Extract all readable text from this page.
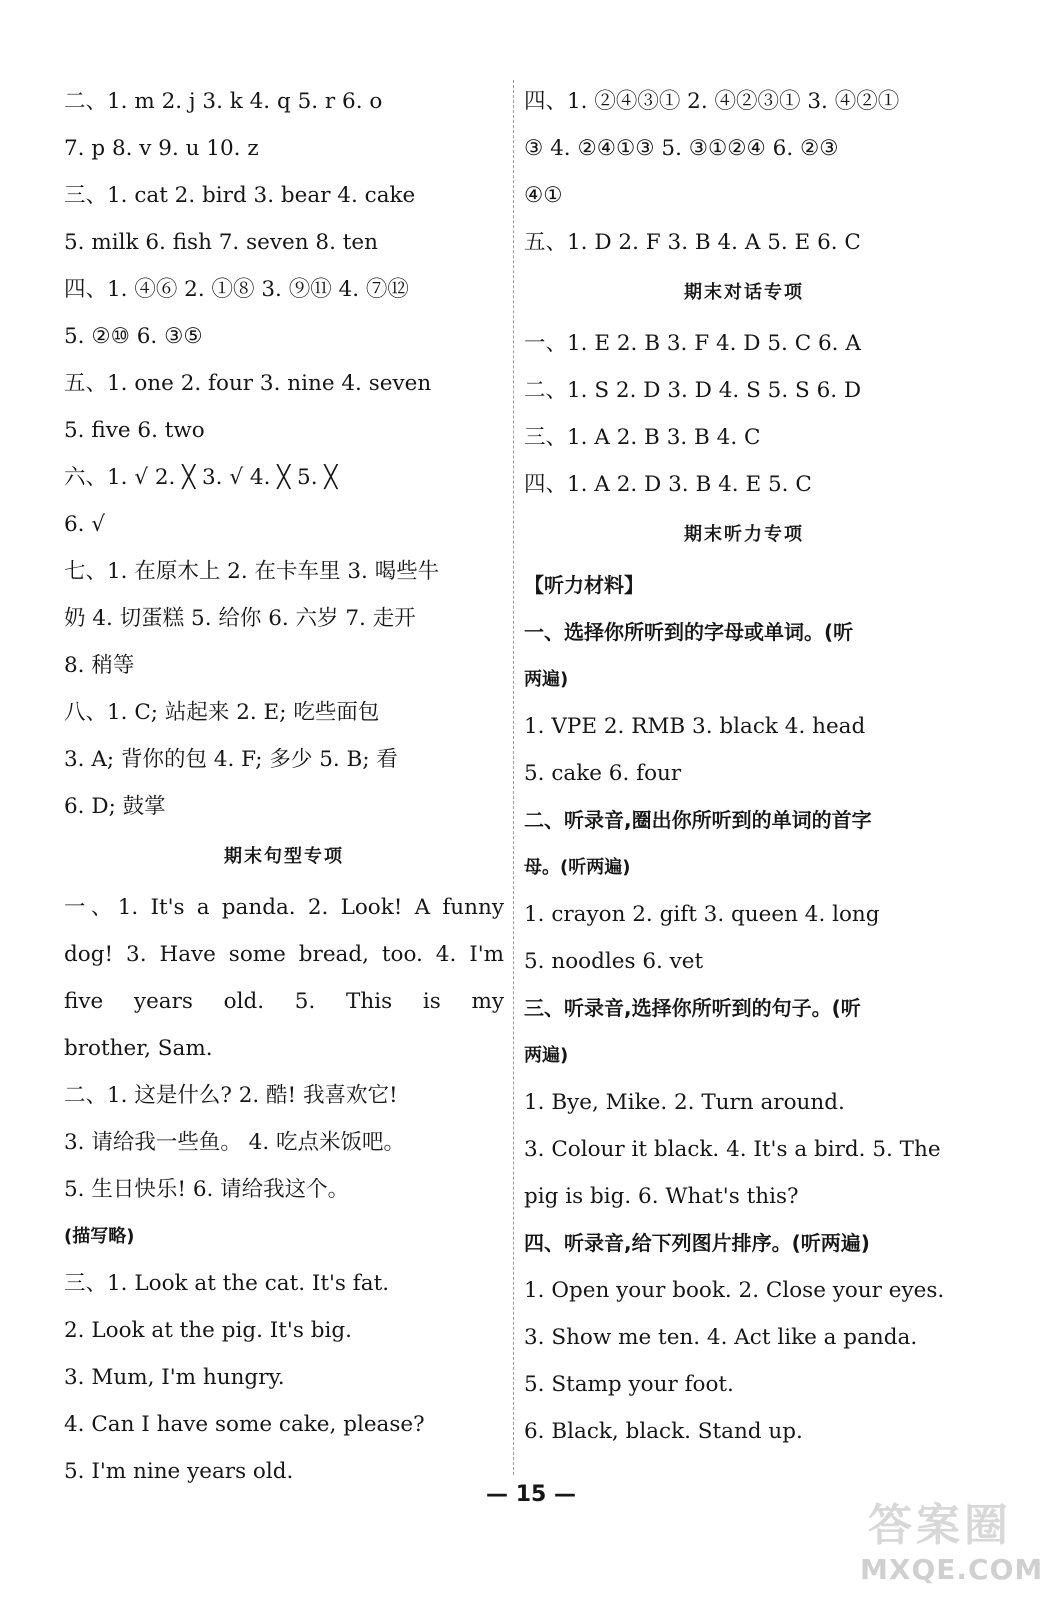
二、1. m 2. j 3. k 4. q 5. r 6. o
7. p 8. v 9. u 10. z
三、1. cat 2. bird 3. bear 4. cake
5. milk 6. fish 7. seven 8. ten
四、1. ④⑥ 2. ①⑧ 3. ⑨⑪ 4. ⑦⑫
5. ②⑩ 6. ③⑤
五、1. one 2. four 3. nine 4. seven
5. five 6. two
六、1. √ 2. ╳ 3. √ 4. ╳ 5. ╳
6. √
七、1. 在原木上 2. 在卡车里 3. 喝些牛
奶 4. 切蛋糕 5. 给你 6. 六岁 7. 走开
8. 稍等
八、1. C; 站起来 2. E; 吃些面包
3. A; 背你的包 4. F; 多少 5. B; 看
6. D; 鼓掌
期末句型专项
一、1. It's a panda. 2. Look! A funny
dog! 3. Have some bread, too. 4. I'm
five years old. 5. This is my
brother, Sam.
二、1. 这是什么? 2. 酷! 我喜欢它!
3. 请给我一些鱼。 4. 吃点米饭吧。
5. 生日快乐! 6. 请给我这个。
(描写略)
三、1. Look at the cat. It's fat.
2. Look at the pig. It's big.
3. Mum, I'm hungry.
4. Can I have some cake, please?
5. I'm nine years old.
四、1. ②④③① 2. ④②③① 3. ④②①
③ 4. ②④①③ 5. ③①②④ 6. ②③
④①
五、1. D 2. F 3. B 4. A 5. E 6. C
期末对话专项
一、1. E 2. B 3. F 4. D 5. C 6. A
二、1. S 2. D 3. D 4. S 5. S 6. D
三、1. A 2. B 3. B 4. C
四、1. A 2. D 3. B 4. E 5. C
期末听力专项
【听力材料】
一、选择你所听到的字母或单词。(听
两遍)
1. VPE 2. RMB 3. black 4. head
5. cake 6. four
二、听录音,圈出你所听到的单词的首字
母。(听两遍)
1. crayon 2. gift 3. queen 4. long
5. noodles 6. vet
三、听录音,选择你所听到的句子。(听
两遍)
1. Bye, Mike. 2. Turn around.
3. Colour it black. 4. It's a bird. 5. The
pig is big. 6. What's this?
四、听录音,给下列图片排序。(听两遍)
1. Open your book. 2. Close your eyes.
3. Show me ten. 4. Act like a panda.
5. Stamp your foot.
6. Black, black. Stand up.
— 15 —
答案圈
MXQE.COM
